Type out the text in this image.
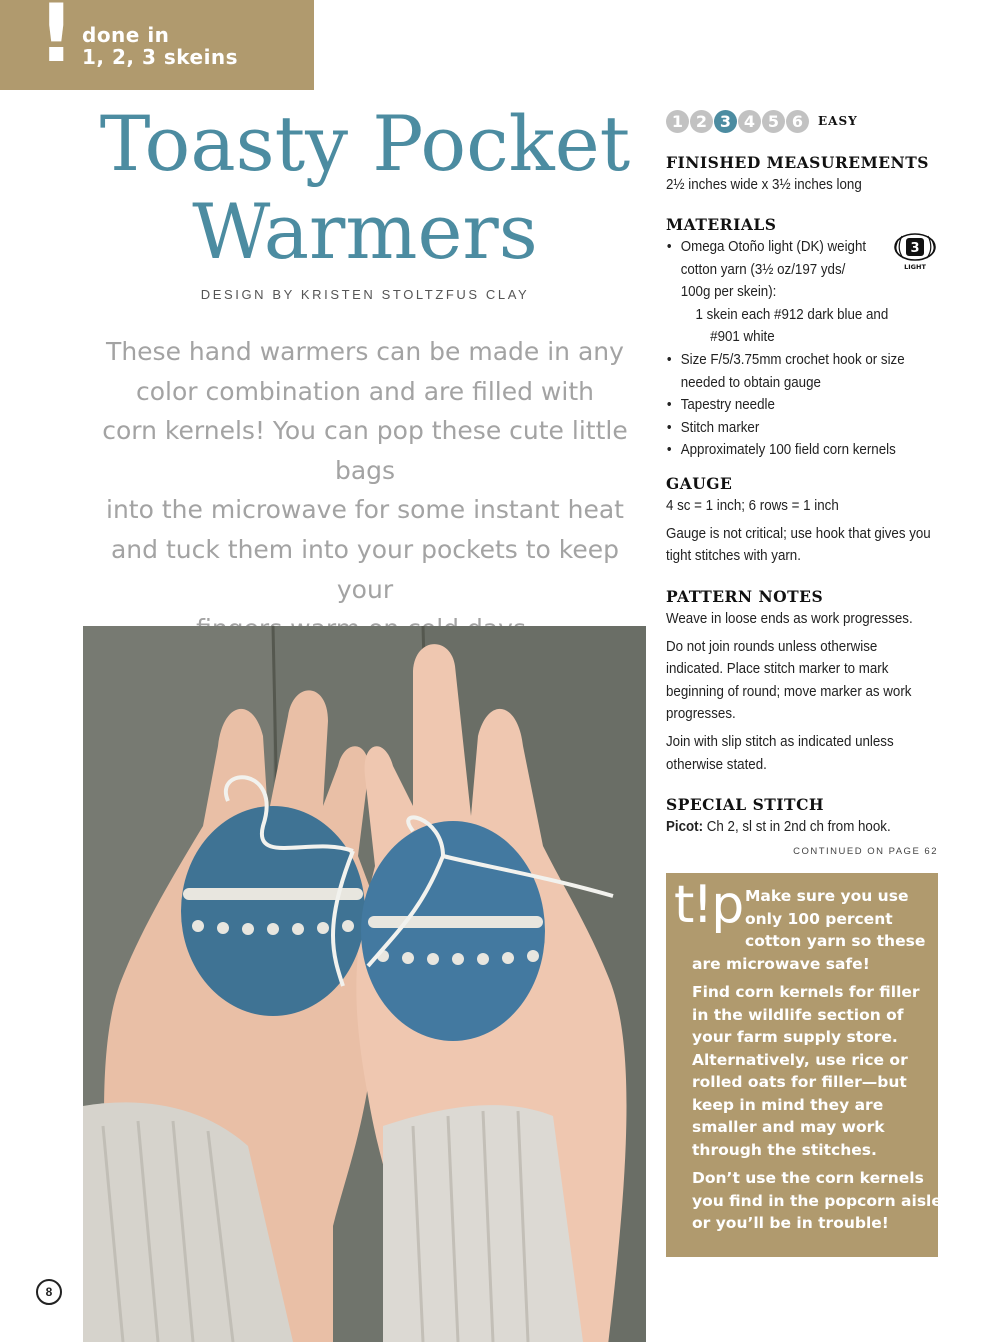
! done in
1, 2, 3 skeins
Toasty Pocket
Warmers
DESIGN BY KRISTEN STOLTZFUS CLAY
These hand warmers can be made in any
color combination and are filled with
corn kernels! You can pop these cute little bags
into the microwave for some instant heat
and tuck them into your pockets to keep your
1 2 3 4 5 6	EASY
FINISHED MEASUREMENTS
2½ inches wide x 3½ inches long
MATERIALS
• Omega Otoño light (DK) weight
cotton yarn (3½ oz/197 yds/
100g per skein):
1 skein each #912 dark blue and
#901 white
• Size F/5/3.75mm crochet hook or size
needed to obtain gauge
• Tapestry needle
• Stitch marker
• Approximately 100 field corn kernels
3
LIGHT
GAUGE
4 sc = 1 inch; 6 rows = 1 inch
Gauge is not critical; use hook that gives you
tight stitches with yarn.
PATTERN NOTES
Weave in loose ends as work progresses.
Do not join rounds unless otherwise
indicated. Place stitch marker to mark
beginning of round; move marker as work
progresses.
Join with slip stitch as indicated unless
otherwise stated.
SPECIAL STITCH
Picot: Ch 2, sl st in 2nd ch from hook.
CONTINUED ON PAGE 62
t!p Make sure you use
only 100 percent
cotton yarn so these
are microwave safe!
Find corn kernels for filler
in the wildlife section of
your farm supply store.
Alternatively, use rice or
rolled oats for filler—but
keep in mind they are
smaller and may work
through the stitches.
Don’t use the corn kernels
you find in the popcorn aisle
or you’ll be in trouble!
8
